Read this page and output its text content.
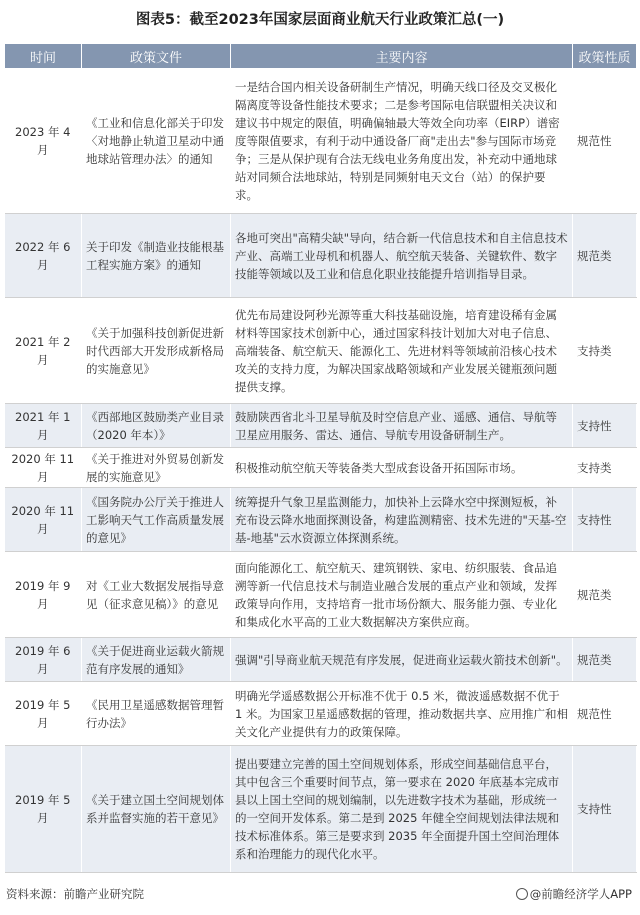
图表5：截至2023年国家层面商业航天行业政策汇总(一)
时间	政策文件	主要内容	政策性质
2023 年 4 月	《工业和信息化部关于印发〈对地静止轨道卫星动中通地球站管理办法〉的通知	一是结合国内相关设备研制生产情况，明确天线口径及交叉极化隔离度等设备性能技术要求；二是参考国际电信联盟相关决议和建议书中规定的限值，明确偏轴最大等效全向功率（EIRP）谱密度等限值要求，有利于动中通设备厂商"走出去"参与国际市场竞争；三是从保护现有合法无线电业务角度出发，补充动中通地球站对同频合法地球站，特别是同频射电天文台（站）的保护要求。	规范性
2022 年 6 月	关于印发《制造业技能根基工程实施方案》的通知	各地可突出"高精尖缺"导向，结合新一代信息技术和自主信息技术产业、高端工业母机和机器人、航空航天装备、关键软件、数字技能等领域以及工业和信息化职业技能提升培训指导目录。	规范类
2021 年 2 月	《关于加强科技创新促进新时代西部大开发形成新格局的实施意见》	优先布局建设阿秒光源等重大科技基础设施，培育建设稀有金属材料等国家技术创新中心，通过国家科技计划加大对电子信息、高端装备、航空航天、能源化工、先进材料等领域前沿核心技术攻关的支持力度，为解决国家战略领域和产业发展关键瓶颈问题提供支撑。	支持类
2021 年 1 月	《西部地区鼓励类产业目录（2020 年本）》	鼓励陕西省北斗卫星导航及时空信息产业、遥感、通信、导航等卫星应用服务、雷达、通信、导航专用设备研制生产。	支持性
2020 年 11 月	《关于推进对外贸易创新发展的实施意见》	积极推动航空航天等装备类大型成套设备开拓国际市场。	支持类
2020 年 11 月	《国务院办公厅关于推进人工影响天气工作高质量发展的意见》	统筹提升气象卫星监测能力，加快补上云降水空中探测短板，补充布设云降水地面探测设备，构建监测精密、技术先进的"天基-空基-地基"云水资源立体探测系统。	支持性
2019 年 9 月	对《工业大数据发展指导意见（征求意见稿）》的意见	面向能源化工、航空航天、建筑钢铁、家电、纺织服装、食品追溯等新一代信息技术与制造业融合发展的重点产业和领域，发挥政策导向作用，支持培育一批市场份额大、服务能力强、专业化和集成化水平高的工业大数据解决方案供应商。	规范类
2019 年 6 月	《关于促进商业运载火箭规范有序发展的通知》	强调"引导商业航天规范有序发展，促进商业运载火箭技术创新"。	规范类
2019 年 5 月	《民用卫星遥感数据管理暂行办法》	明确光学遥感数据公开标准不优于 0.5 米，微波遥感数据不优于 1 米。为国家卫星遥感数据的管理，推动数据共享、应用推广和相关文化产业提供有力的政策保障。	规范性
2019 年 5 月	《关于建立国土空间规划体系并监督实施的若干意见》	提出要建立完善的国土空间规划体系，形成空间基础信息平台，其中包含三个重要时间节点，第一要求在 2020 年底基本完成市县以上国土空间的规划编制，以先进数字技术为基础，形成统一的一空间开发体系。第二是到 2025 年健全空间规划法律法规和技术标准体系。第三是要求到 2035 年全面提升国土空间治理体系和治理能力的现代化水平。	支持性
资料来源：前瞻产业研究院	@前瞻经济学人APP
